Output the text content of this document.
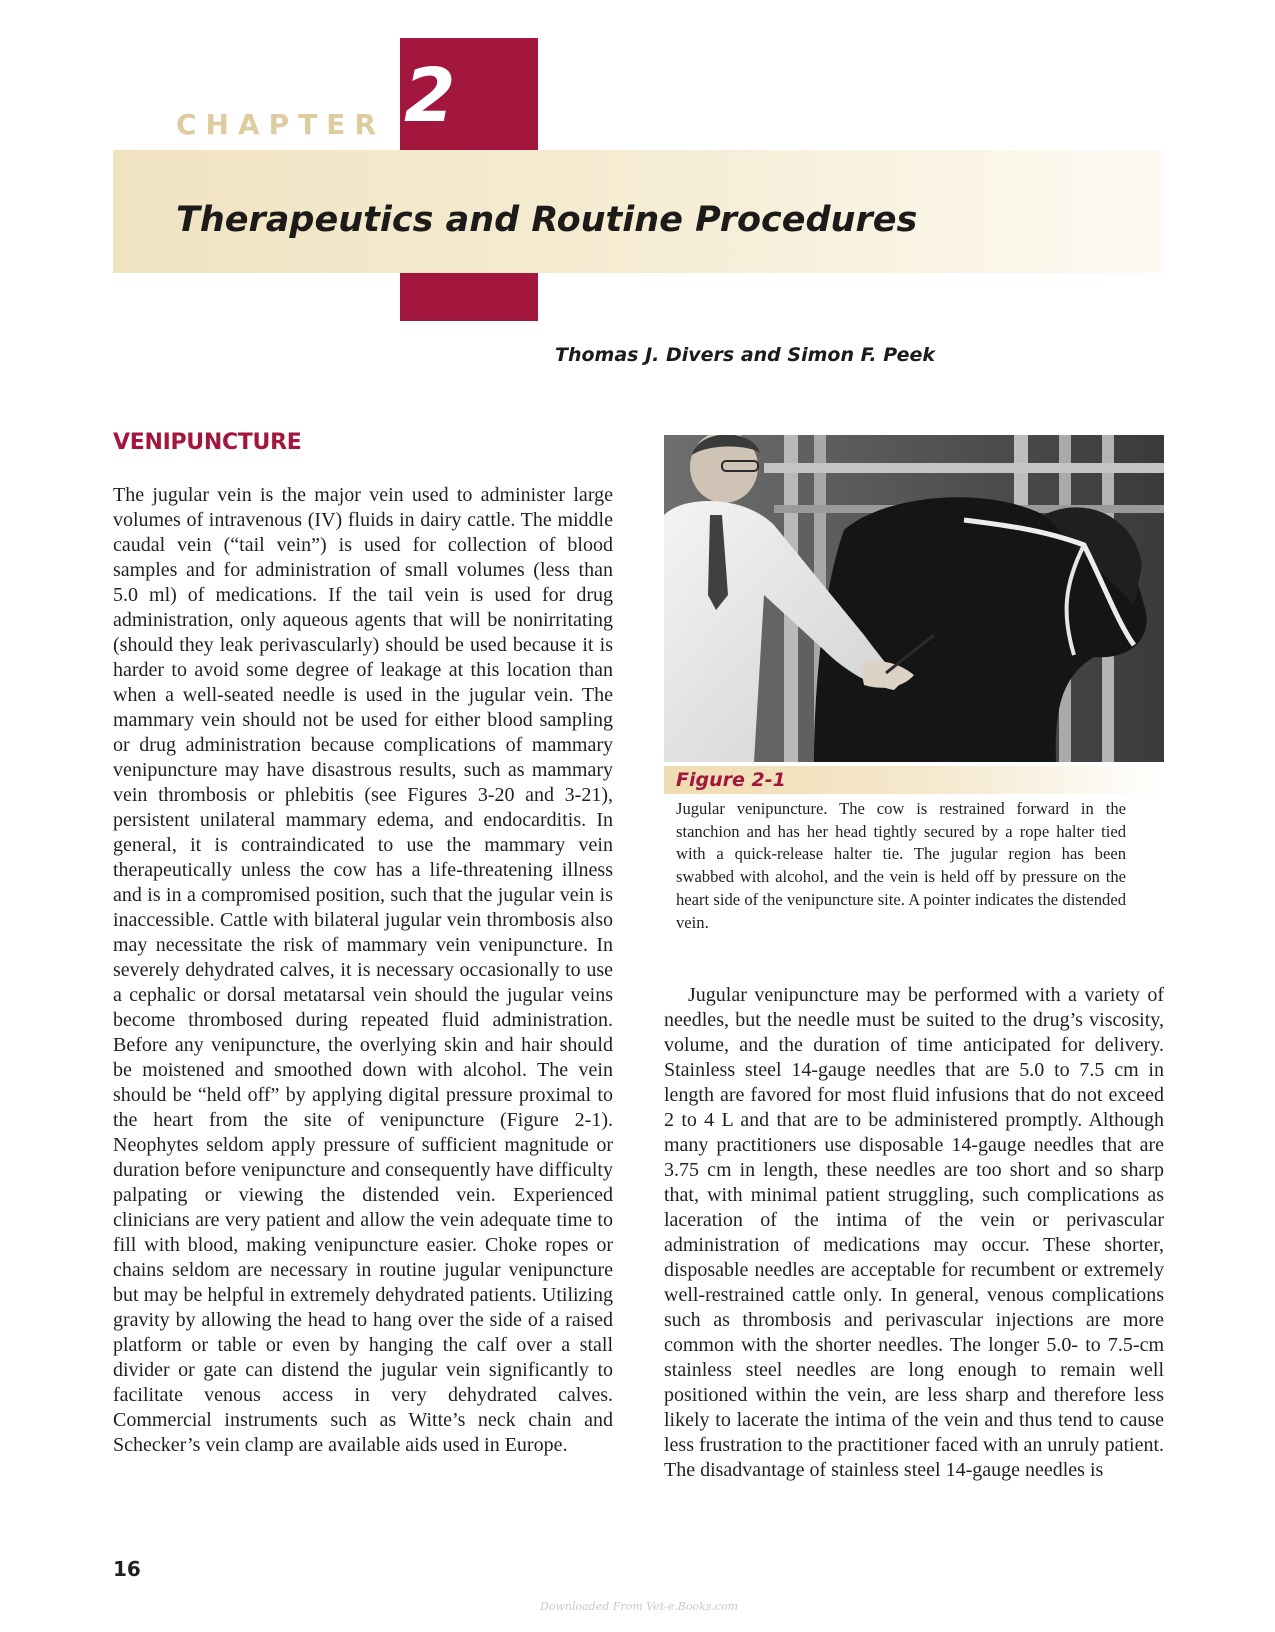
CHAPTER 2
Therapeutics and Routine Procedures
Thomas J. Divers and Simon F. Peek
VENIPUNCTURE

The jugular vein is the major vein used to administer large volumes of intravenous (IV) fluids in dairy cattle. The middle caudal vein (“tail vein”) is used for collection of blood samples and for administration of small volumes (less than 5.0 ml) of medications. If the tail vein is used for drug administration, only aqueous agents that will be nonirritating (should they leak perivascularly) should be used because it is harder to avoid some degree of leakage at this location than when a well-seated needle is used in the jugular vein. The mammary vein should not be used for either blood sampling or drug administration because complications of mammary venipuncture may have disastrous results, such as mammary vein thrombosis or phlebitis (see Figures 3-20 and 3-21), persistent unilateral mammary edema, and endocarditis. In general, it is contraindicated to use the mammary vein therapeutically unless the cow has a life-threatening illness and is in a compromised position, such that the jugular vein is inaccessible. Cattle with bilateral jugular vein thrombosis also may necessitate the risk of mammary vein venipuncture. In severely dehydrated calves, it is necessary occasionally to use a cephalic or dorsal metatarsal vein should the jugular veins become thrombosed during repeated fluid administration. Before any venipuncture, the overlying skin and hair should be moistened and smoothed down with alcohol. The vein should be “held off” by applying digital pressure proximal to the heart from the site of venipuncture (Figure 2-1). Neophytes seldom apply pressure of sufficient magnitude or duration before venipuncture and consequently have difficulty palpating or viewing the distended vein. Experienced clinicians are very patient and allow the vein adequate time to fill with blood, making venipuncture easier. Choke ropes or chains seldom are necessary in routine jugular venipuncture but may be helpful in extremely dehydrated patients. Utilizing gravity by allowing the head to hang over the side of a raised platform or table or even by hanging the calf over a stall divider or gate can distend the jugular vein significantly to facilitate venous access in very dehydrated calves. Commercial instruments such as Witte’s neck chain and Schecker’s vein clamp are available aids used in Europe.

Figure 2-1

Jugular venipuncture. The cow is restrained forward in the stanchion and has her head tightly secured by a rope halter tied with a quick-release halter tie. The jugular region has been swabbed with alcohol, and the vein is held off by pressure on the heart side of the venipuncture site. A pointer indicates the distended vein.

Jugular venipuncture may be performed with a variety of needles, but the needle must be suited to the drug’s viscosity, volume, and the duration of time anticipated for delivery. Stainless steel 14-gauge needles that are 5.0 to 7.5 cm in length are favored for most fluid infusions that do not exceed 2 to 4 L and that are to be administered promptly. Although many practitioners use disposable 14-gauge needles that are 3.75 cm in length, these needles are too short and so sharp that, with minimal patient struggling, such complications as laceration of the intima of the vein or perivascular administration of medications may occur. These shorter, disposable needles are acceptable for recumbent or extremely well-restrained cattle only. In general, venous complications such as thrombosis and perivascular injections are more common with the shorter needles. The longer 5.0- to 7.5-cm stainless steel needles are long enough to remain well positioned within the vein, are less sharp and therefore less likely to lacerate the intima of the vein and thus tend to cause less frustration to the practitioner faced with an unruly patient. The disadvantage of stainless steel 14-gauge needles is

16
Downloaded From Vet-e.Books.com
